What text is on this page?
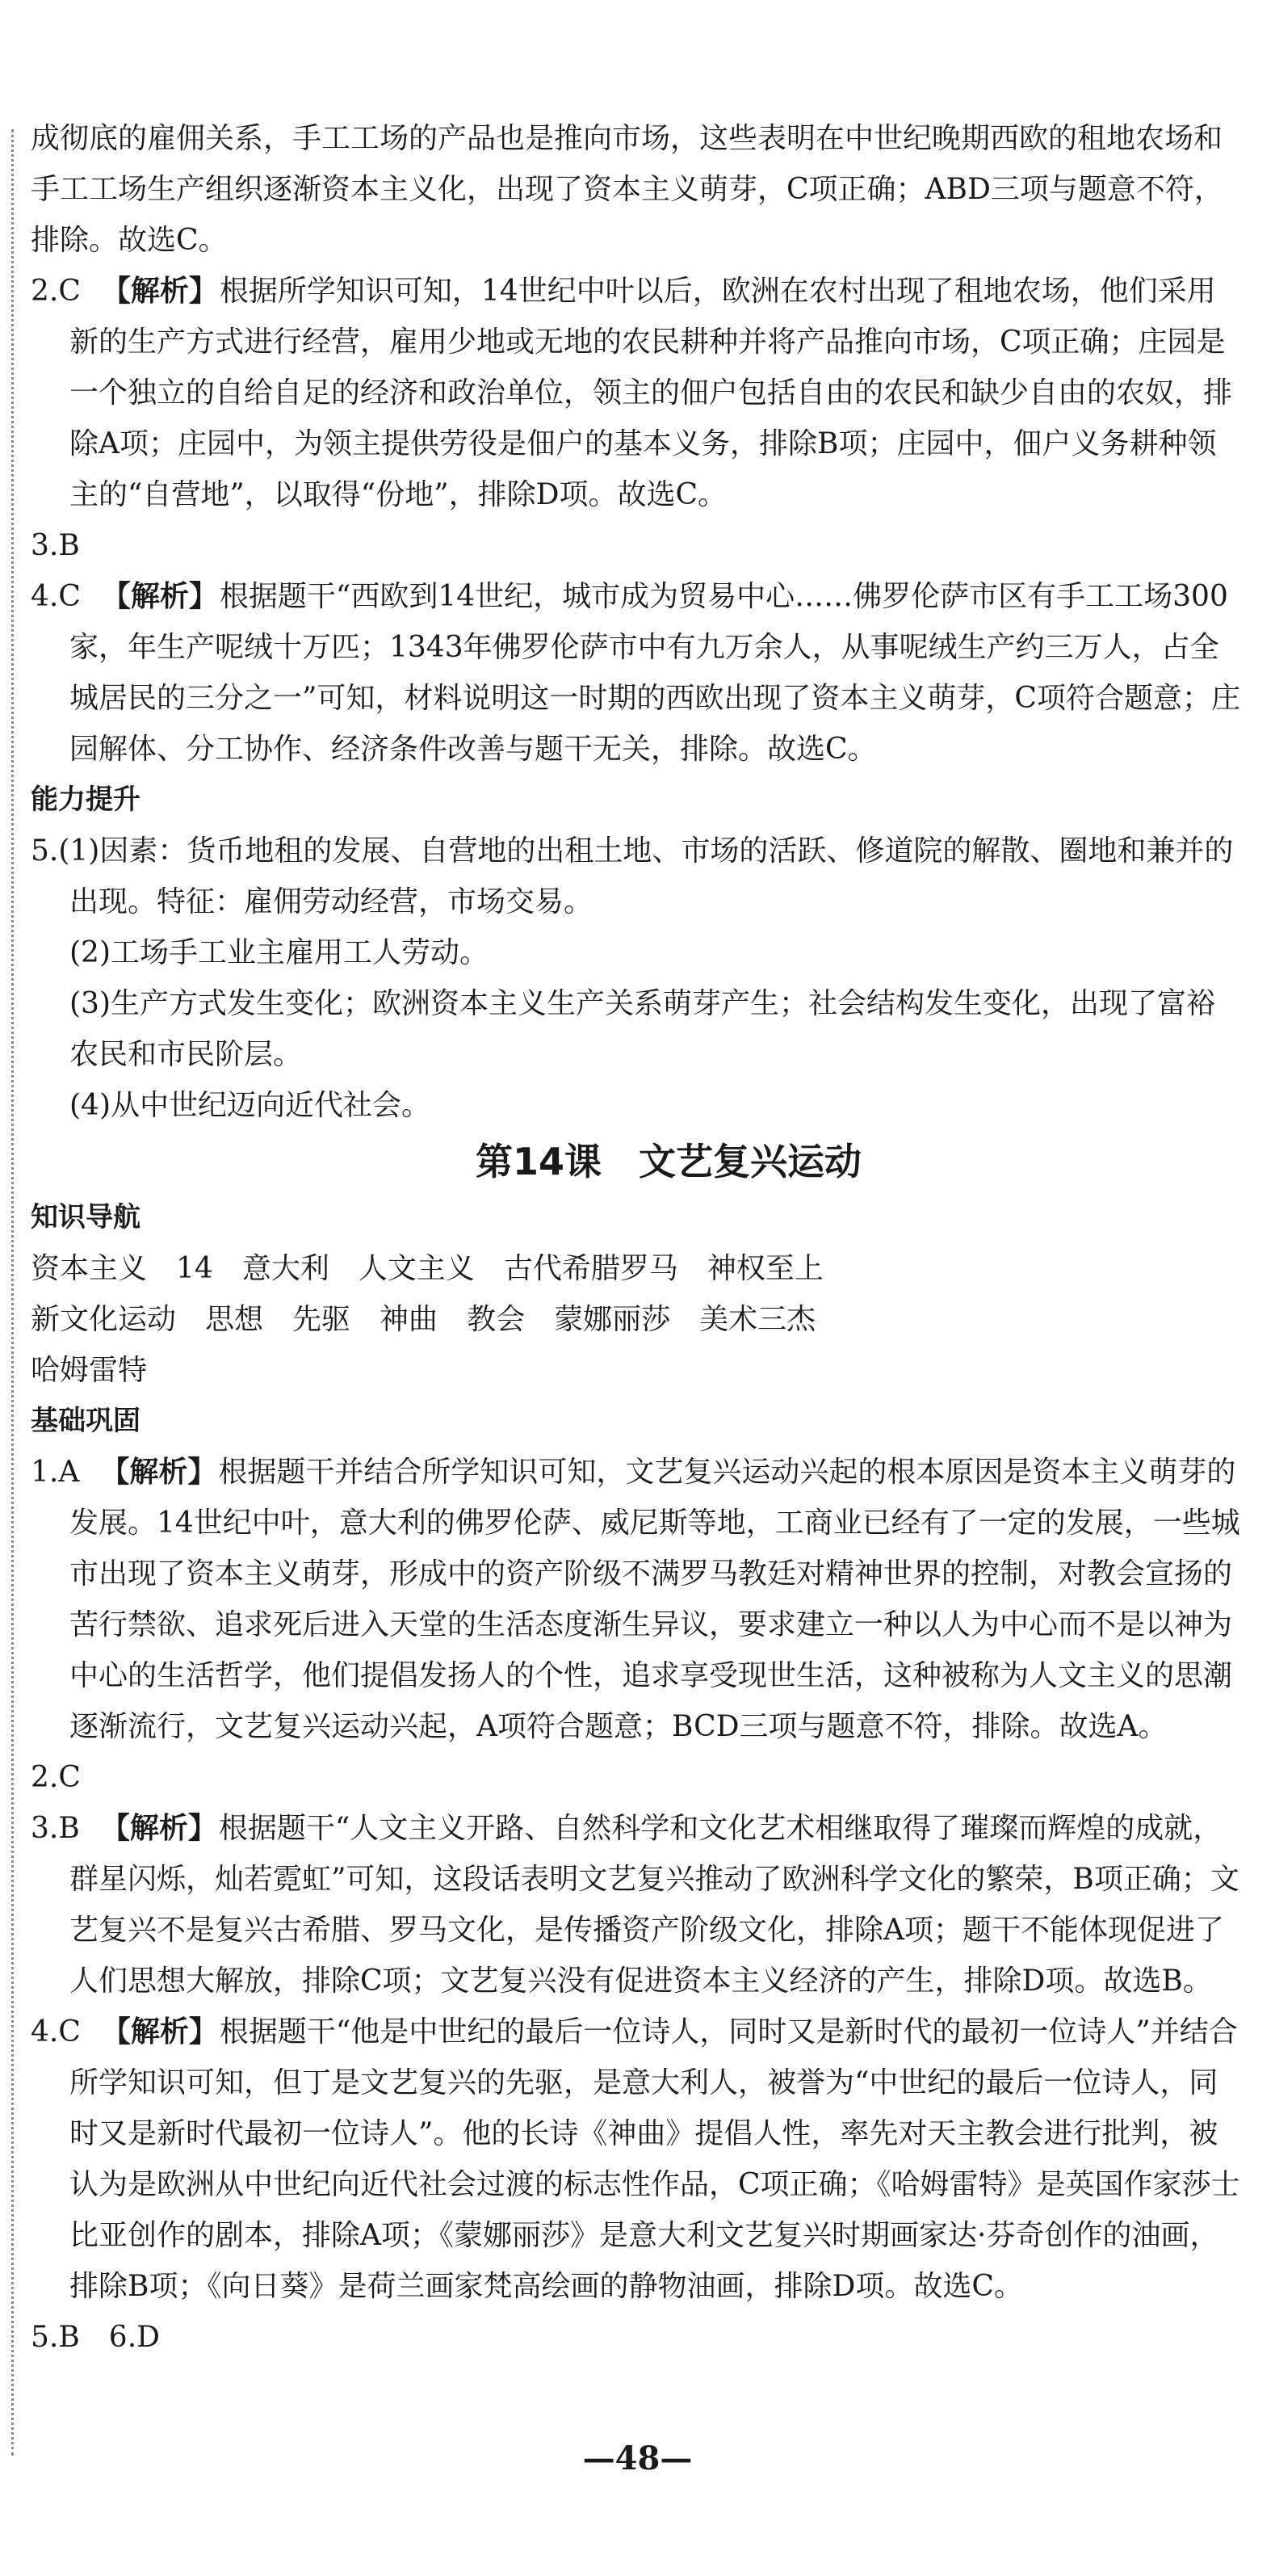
成彻底的雇佣关系，手工工场的产品也是推向市场，这些表明在中世纪晚期西欧的租地农场和手工工场生产组织逐渐资本主义化，出现了资本主义萌芽，C项正确；ABD三项与题意不符，排除。故选C。

2.C 【解析】根据所学知识可知，14世纪中叶以后，欧洲在农村出现了租地农场，他们采用新的生产方式进行经营，雇用少地或无地的农民耕种并将产品推向市场，C项正确；庄园是一个独立的自给自足的经济和政治单位，领主的佃户包括自由的农民和缺少自由的农奴，排除A项；庄园中，为领主提供劳役是佃户的基本义务，排除B项；庄园中，佃户义务耕种领主的“自营地”，以取得“份地”，排除D项。故选C。

3.B

4.C 【解析】根据题干“西欧到14世纪，城市成为贸易中心……佛罗伦萨市区有手工工场300家，年生产呢绒十万匹；1343年佛罗伦萨市中有九万余人，从事呢绒生产约三万人，占全城居民的三分之一”可知，材料说明这一时期的西欧出现了资本主义萌芽，C项符合题意；庄园解体、分工协作、经济条件改善与题干无关，排除。故选C。

能力提升

5.(1)因素：货币地租的发展、自营地的出租土地、市场的活跃、修道院的解散、圈地和兼并的出现。特征：雇佣劳动经营，市场交易。

(2)工场手工业主雇用工人劳动。

(3)生产方式发生变化；欧洲资本主义生产关系萌芽产生；社会结构发生变化，出现了富裕农民和市民阶层。

(4)从中世纪迈向近代社会。

第14课　文艺复兴运动

知识导航

资本主义 14 意大利 人文主义 古代希腊罗马 神权至上

新文化运动 思想 先驱 神曲 教会 蒙娜丽莎 美术三杰

哈姆雷特

基础巩固

1.A 【解析】根据题干并结合所学知识可知，文艺复兴运动兴起的根本原因是资本主义萌芽的发展。14世纪中叶，意大利的佛罗伦萨、威尼斯等地，工商业已经有了一定的发展，一些城市出现了资本主义萌芽，形成中的资产阶级不满罗马教廷对精神世界的控制，对教会宣扬的苦行禁欲、追求死后进入天堂的生活态度渐生异议，要求建立一种以人为中心而不是以神为中心的生活哲学，他们提倡发扬人的个性，追求享受现世生活，这种被称为人文主义的思潮逐渐流行，文艺复兴运动兴起，A项符合题意；BCD三项与题意不符，排除。故选A。

2.C

3.B 【解析】根据题干“人文主义开路、自然科学和文化艺术相继取得了璀璨而辉煌的成就，群星闪烁，灿若霓虹”可知，这段话表明文艺复兴推动了欧洲科学文化的繁荣，B项正确；文艺复兴不是复兴古希腊、罗马文化，是传播资产阶级文化，排除A项；题干不能体现促进了人们思想大解放，排除C项；文艺复兴没有促进资本主义经济的产生，排除D项。故选B。

4.C 【解析】根据题干“他是中世纪的最后一位诗人，同时又是新时代的最初一位诗人”并结合所学知识可知，但丁是文艺复兴的先驱，是意大利人，被誉为“中世纪的最后一位诗人，同时又是新时代最初一位诗人”。他的长诗《神曲》提倡人性，率先对天主教会进行批判，被认为是欧洲从中世纪向近代社会过渡的标志性作品，C项正确；《哈姆雷特》是英国作家莎士比亚创作的剧本，排除A项；《蒙娜丽莎》是意大利文艺复兴时期画家达·芬奇创作的油画，排除B项；《向日葵》是荷兰画家梵高绘画的静物油画，排除D项。故选C。

5.B　6.D

—48—
